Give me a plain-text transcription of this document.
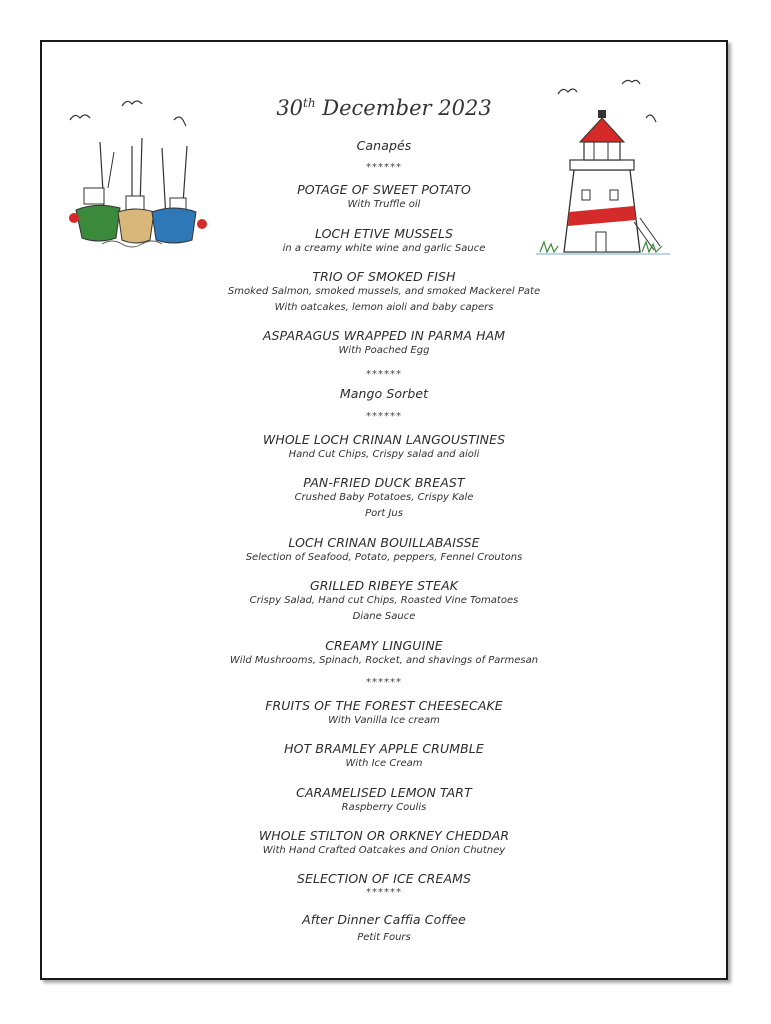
30th December 2023
Canapés
******
POTAGE OF SWEET POTATO
With Truffle oil
LOCH ETIVE MUSSELS
in a creamy white wine and garlic Sauce
TRIO OF SMOKED FISH
Smoked Salmon, smoked mussels, and smoked Mackerel Pate
With oatcakes, lemon aioli and baby capers
ASPARAGUS WRAPPED IN PARMA HAM
With Poached Egg
******
Mango Sorbet
******
WHOLE LOCH CRINAN LANGOUSTINES
Hand Cut Chips, Crispy salad and aioli
PAN-FRIED DUCK BREAST
Crushed Baby Potatoes, Crispy Kale
Port Jus
LOCH CRINAN BOUILLABAISSE
Selection of Seafood, Potato, peppers, Fennel Croutons
GRILLED RIBEYE STEAK
Crispy Salad, Hand cut Chips, Roasted Vine Tomatoes
Diane Sauce
CREAMY LINGUINE
Wild Mushrooms, Spinach, Rocket, and shavings of Parmesan
******
FRUITS OF THE FOREST CHEESECAKE
With Vanilla Ice cream
HOT BRAMLEY APPLE CRUMBLE
With Ice Cream
CARAMELISED LEMON TART
Raspberry Coulis
WHOLE STILTON OR ORKNEY CHEDDAR
With Hand Crafted Oatcakes and Onion Chutney
SELECTION OF ICE CREAMS
******
After Dinner Caffia Coffee
Petit Fours
